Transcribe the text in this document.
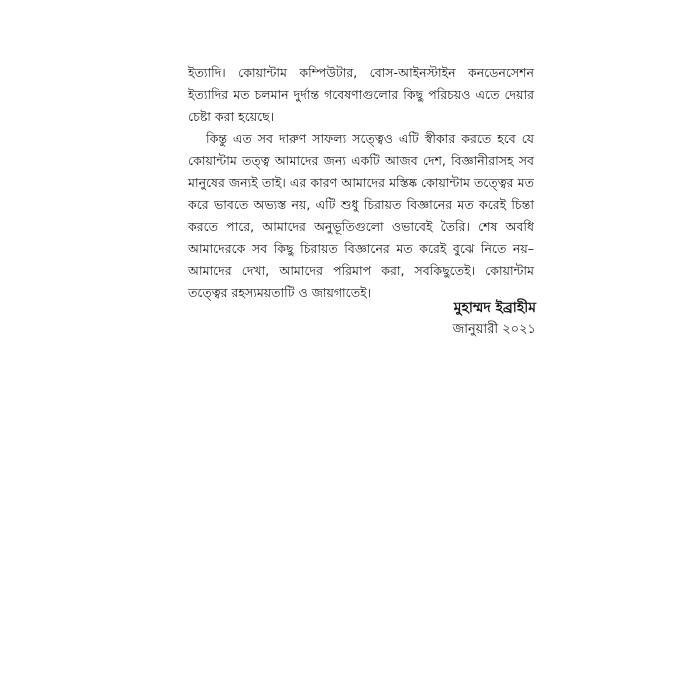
ইত্যাদি। কোয়ান্টাম কম্পিউটার, বোস-আইনস্টাইন কনডেনসেশন ইত্যাদির মত চলমান দুর্দান্ত গবেষণাগুলোর কিছু পরিচয়ও এতে দেয়ার চেষ্টা করা হয়েছে।

কিন্তু এত সব দারুণ সাফল্য সত্ত্বেও এটি স্বীকার করতে হবে যে কোয়ান্টাম তত্ত্ব আমাদের জন্য একটি আজব দেশ, বিজ্ঞানীরাসহ সব মানুষের জন্যই তাই। এর কারণ আমাদের মস্তিষ্ক কোয়ান্টাম তত্ত্বের মত করে ভাবতে অভ্যস্ত নয়, এটি শুধু চিরায়ত বিজ্ঞানের মত করেই চিন্তা করতে পারে, আমাদের অনুভূতিগুলো ওভাবেই তৈরি। শেষ অবধি আমাদেরকে সব কিছু চিরায়ত বিজ্ঞানের মত করেই বুঝে নিতে নয়– আমাদের দেখা, আমাদের পরিমাপ করা, সবকিছুতেই। কোয়ান্টাম তত্ত্বের রহস্যময়তাটি ও জায়গাতেই।

মুহাম্মদ ইব্রাহীম
জানুয়ারী ২০২১
